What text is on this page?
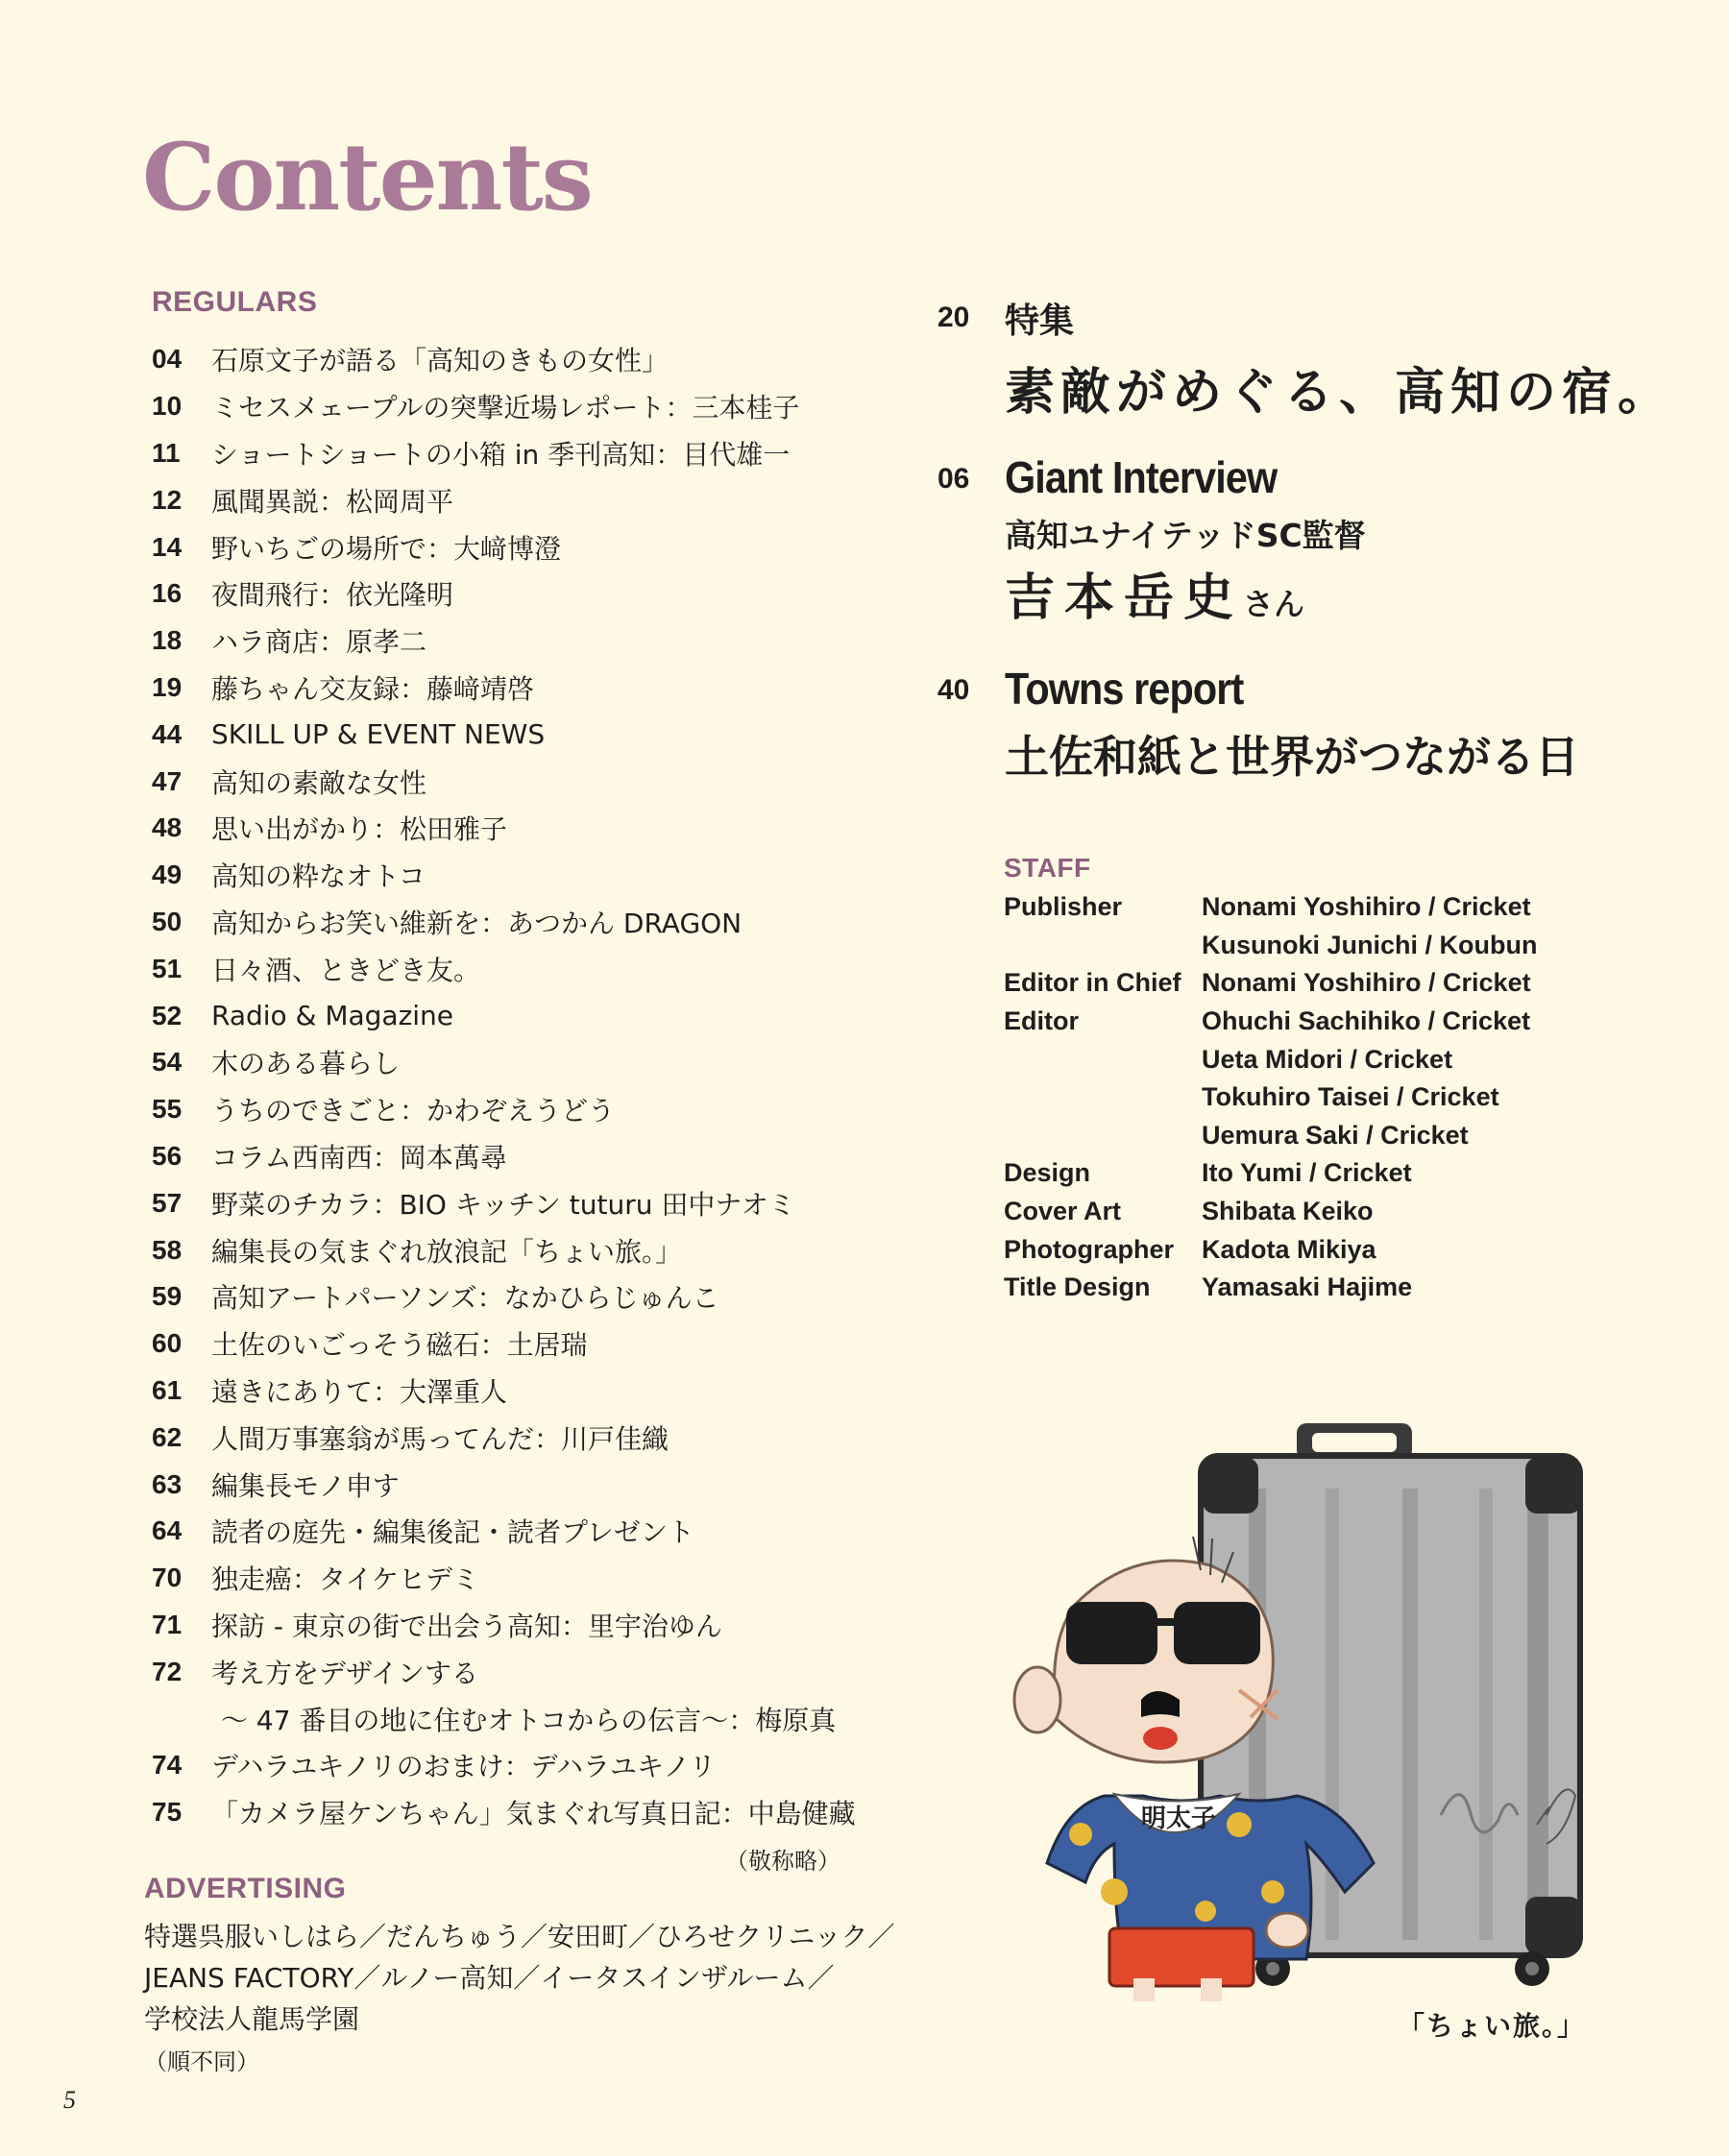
Contents
REGULARS
04	石原文子が語る「高知のきもの女性」
10	ミセスメェープルの突撃近場レポート：三本桂子
11	ショートショートの小箱 in 季刊高知：目代雄一
12	風聞異説：松岡周平
14	野いちごの場所で：大﨑博澄
16	夜間飛行：依光隆明
18	ハラ商店：原孝二
19	藤ちゃん交友録：藤﨑靖啓
44	SKILL UP & EVENT NEWS
47	高知の素敵な女性
48	思い出がかり：松田雅子
49	高知の粋なオトコ
50	高知からお笑い維新を：あつかん DRAGON
51	日々酒、ときどき友。
52	Radio & Magazine
54	木のある暮らし
55	うちのできごと：かわぞえうどう
56	コラム西南西：岡本萬尋
57	野菜のチカラ：BIO キッチン tuturu 田中ナオミ
58	編集長の気まぐれ放浪記「ちょい旅。」
59	高知アートパーソンズ：なかひらじゅんこ
60	土佐のいごっそう磁石：土居瑞
61	遠きにありて：大澤重人
62	人間万事塞翁が馬ってんだ：川戸佳織
63	編集長モノ申す
64	読者の庭先・編集後記・読者プレゼント
70	独走癌：タイケヒデミ
71	探訪 - 東京の街で出会う高知：里宇治ゆん
72	考え方をデザインする
～ 47 番目の地に住むオトコからの伝言～：梅原真
74	デハラユキノリのおまけ：デハラユキノリ
75	「カメラ屋ケンちゃん」気まぐれ写真日記：中島健藏
（敬称略）
ADVERTISING
特選呉服いしはら／だんちゅう／安田町／ひろせクリニック／
JEANS FACTORY／ルノー高知／イータスインザルーム／
学校法人龍馬学園
（順不同）
20 特集
素敵がめぐる、高知の宿。
06 Giant Interview
高知ユナイテッドSC監督
吉本岳史さん
40 Towns report
土佐和紙と世界がつながる日
STAFF
Publisher	Nonami Yoshihiro / Cricket
Kusunoki Junichi / Koubun
Editor in Chief Nonami Yoshihiro / Cricket
Editor	Ohuchi Sachihiko / Cricket
Ueta Midori / Cricket
Tokuhiro Taisei / Cricket
Uemura Saki / Cricket
Design	Ito Yumi / Cricket
Cover Art	Shibata Keiko
Photographer	Kadota Mikiya
Title Design	Yamasaki Hajime
明太子
「ちょい旅。」
5
